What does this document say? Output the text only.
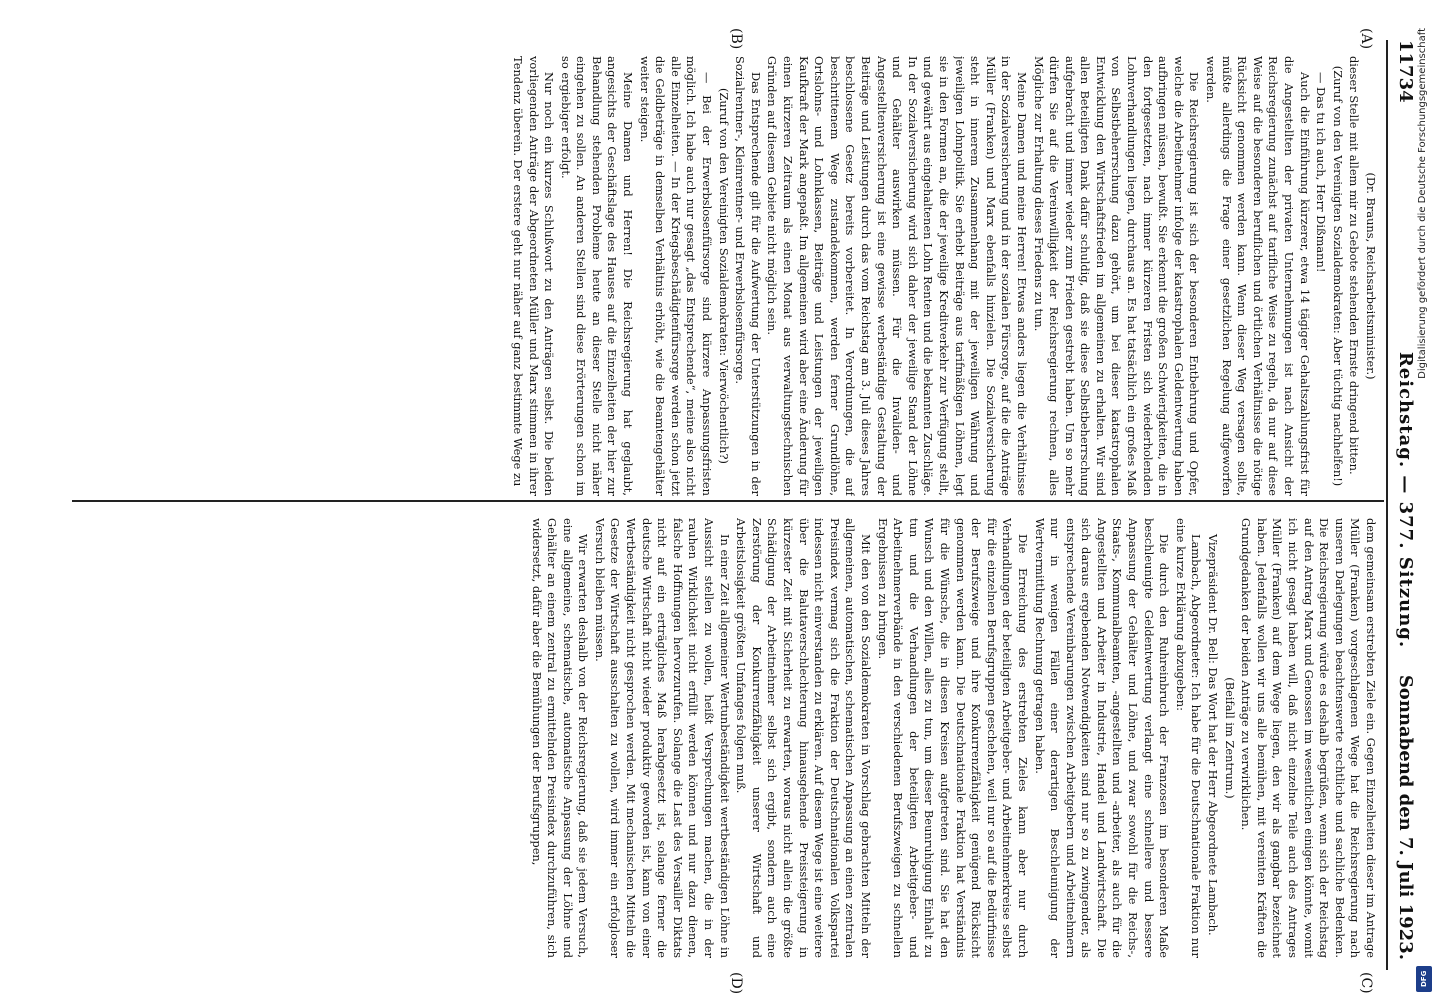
11734
Reichstag. — 377. Sitzung.
Sonnabend den 7. Juli 1923.
(A)
(B)
(C)
(D)

(Dr. Brauns, Reichsarbeitsminister.)

dieser Stelle mit allem mir zu Gebote stehenden Ernste dringend bitten.

(Zuruf von den Vereinigten Sozialdemokraten: Aber tüchtig nachhelfen!)

— Das tu ich auch, Herr Dißmann!

Auch die Einführung kürzerer, etwa 14 tägiger Gehaltszahlungsfrist für die Angestellten der privaten Unternehmungen ist nach Ansicht der Reichsregierung zunächst auf tarifliche Weise zu regeln, da nur auf diese Weise auf die besonderen beruflichen und örtlichen Verhältnisse die nötige Rücksicht genommen werden kann. Wenn dieser Weg versagen sollte, müßte allerdings die Frage einer gesetzlichen Regelung aufgeworfen werden.

Die Reichsregierung ist sich der besonderen Entbehrung und Opfer, welche die Arbeitnehmer infolge der katastrophalen Geldentwertung haben aufbringen müssen, bewußt. Sie erkennt die großen Schwierigkeiten, die in den fortgesetzten, nach immer kürzeren Fristen sich wiederholenden Lohnverhandlungen liegen, durchaus an. Es hat tatsächlich ein großes Maß von Selbstbeherrschung dazu gehört, um bei dieser katastrophalen Entwicklung den Wirtschaftsfrieden im allgemeinen zu erhalten. Wir sind allen Beteiligten Dank dafür schuldig, daß sie diese Selbstbeherrschung aufgebracht und immer wieder zum Frieden gestrebt haben. Um so mehr dürfen Sie auf die Vereinwilligkeit der Reichsregierung rechnen, alles Mögliche zur Erhaltung dieses Friedens zu tun.

Meine Damen und meine Herren! Etwas anders liegen die Verhältnisse in der Sozialversicherung und in der sozialen Fürsorge, auf die die Anträge Müller (Franken) und Marx ebenfalls hinzielen. Die Sozialversicherung steht in innerem Zusammenhang mit der jeweiligen Währung und jeweiligen Lohnpolitik. Sie erhebt Beiträge aus tarifmäßigen Löhnen, legt sie in den Formen an, die der jeweilige Kreditverkehr zur Verfügung stellt, und gewährt aus eingehaltenen Lohn Renten und die bekannten Zuschläge. In der Sozialversicherung wird sich daher der jeweilige Stand der Löhne und Gehälter auswirken müssen. Für die Invaliden- und Angestelltenversicherung ist eine gewisse werbeständige Gestaltung der Beiträge und Leistungen durch das vom Reichstag am 3. Juli dieses Jahres beschlossene Gesetz bereits vorbereitet. In Verordnungen, die auf beschrittenem Wege zustandekommen, werden ferner Grundlöhne, Ortslohns- und Lohnklassen, Beiträge und Leistungen der jeweiligen Kaufkraft der Mark angepaßt. Im allgemeinen wird aber eine Änderung für einen kürzeren Zeitraum als einen Monat aus verwaltungstechnischen Gründen auf diesem Gebiete nicht möglich sein.

Das Entsprechende gilt für die Aufwertung der Unterstützungen in der Sozialrentner-, Kleinrentner- und Erwerbslosenfürsorge.

(Zuruf von den Vereinigten Sozialdemokraten: Vierwöchentlich?)

— Bei der Erwerbslosenfürsorge sind kürzere Anpassungsfristen möglich. Ich habe auch nur gesagt „das Entsprechende“, meine also nicht alle Einzelheiten. — In der Kriegsbeschädigtenfürsorge werden schon jetzt die Geldbeträge in demselben Verhältnis erhöht, wie die Beamtengehälter weiter steigen.

Meine Damen und Herren! Die Reichsregierung hat geglaubt, angesichts der Geschäftslage des Hauses auf die Einzelheiten der hier zur Behandlung stehenden Probleme heute an dieser Stelle nicht näher eingehen zu sollen. An anderen Stellen sind diese Erörterungen schon im so ergiebiger erfolgt.

Nur noch ein kurzes Schlußwort zu den Anträgen selbst. Die beiden vorliegenden Anträge der Abgeordneten Müller und Marx stimmen in ihrer Tendenz überein. Der erstere geht nur näher auf ganz bestimmte Wege zu

dem gemeinsam erstrebten Ziele ein. Gegen Einzelheiten dieser im Antrage Müller (Franken) vorgeschlagenen Wege hat die Reichsregierung nach unseren Darlegungen beachtenswerte rechtliche und sachliche Bedenken. Die Reichsregierung würde es deshalb begrüßen, wenn sich der Reichstag auf den Antrag Marx und Genossen im wesentlichen einigen könnte, womit ich nicht gesagt haben will, daß nicht einzelne Teile auch des Antrages Müller (Franken) auf dem Wege liegen, den wir als gangbar bezeichnet haben. Jedenfalls wollen wir uns alle bemühen, mit vereinten Kräften die Grundgedanken der beiden Anträge zu verwirklichen.

(Beifall im Zentrum.)

Vizepräsident Dr. Bell: Das Wort hat der Herr Abgeordnete Lambach.

Lambach, Abgeordneter: Ich habe für die Deutschnationale Fraktion nur eine kurze Erklärung abzugeben:

Die durch den Ruhreinbruch der Franzosen im besonderen Maße beschleunigte Geldentwertung verlangt eine schnellere und bessere Anpassung der Gehälter und Löhne, und zwar sowohl für die Reichs-, Staats-, Kommunalbeamten, -angestellten und -arbeiter, als auch für die Angestellten und Arbeiter in Industrie, Handel und Landwirtschaft. Die sich daraus ergebenden Notwendigkeiten sind nur so zu zwingender, als entsprechende Vereinbarungen zwischen Arbeitgebern und Arbeitnehmern nur in wenigen Fällen einer derartigen Beschleunigung der Wertvermittlung Rechnung getragen haben.

Die Erreichung des erstrebten Zieles kann aber nur durch Verhandlungen der beteiligten Arbeitgeber- und Arbeitnehmerkreise selbst für die einzelnen Berufsgruppen geschehen, weil nur so auf die Bedürfnisse der Berufszweige und ihre Konkurrenzfähigkeit genügend Rücksicht genommen werden kann. Die Deutschnationale Fraktion hat Verständnis für die Wünsche, die in diesen Kreisen aufgetreten sind. Sie hat den Wunsch und den Willen, alles zu tun, um dieser Beunruhigung Einhalt zu tun und die Verhandlungen der beteiligten Arbeitgeber- und Arbeitnehmerverbände in den verschiedenen Berufszweigen zu schnellen Ergebnissen zu bringen.

Mit den von den Sozialdemokraten in Vorschlag gebrachten Mitteln der allgemeinen, automatischen, schematischen Anpassung an einen zentralen Preisindex vermag sich die Fraktion der Deutschnationalen Volkspartei indessen nicht einverstanden zu erklären. Auf diesem Wege ist eine weitere über die Balutaverschlechterung hinausgehende Preissteigerung in kürzester Zeit mit Sicherheit zu erwarten, woraus nicht allein die größte Schädigung der Arbeitnehmer selbst sich ergibt, sondern auch eine Zerstörung der Konkurrenzfähigkeit unserer Wirtschaft und Arbeitslosigkeit größten Umfanges folgen muß.

In einer Zeit allgemeiner Wertunbeständigkeit wertbeständigen Löhne in Aussicht stellen zu wollen, heißt Versprechungen machen, die in der rauhen Wirklichkeit nicht erfüllt werden können und nur dazu dienen, falsche Hoffnungen hervorzurufen. Solange die Last des Versailler Diktats nicht auf ein erträgliches Maß herabgesetzt ist, solange ferner die deutsche Wirtschaft nicht wieder produktiv geworden ist, kann von einer Wertbeständigkeit nicht gesprochen werden. Mit mechanischen Mitteln die Gesetze der Wirtschaft ausschalten zu wollen, wird immer ein erfolgloser Versuch bleiben müssen.

Wir erwarten deshalb von der Reichsregierung, daß sie jedem Versuch, eine allgemeine, schematische, automatische Anpassung der Löhne und Gehälter an einem zentral zu ermittelnden Preisindex durchzuführen, sich widersetzt, dafür aber die Bemühungen der Berufsgruppen,

Digitalisierung gefördert durch die Deutsche Forschungsgemeinschaft
DFG
